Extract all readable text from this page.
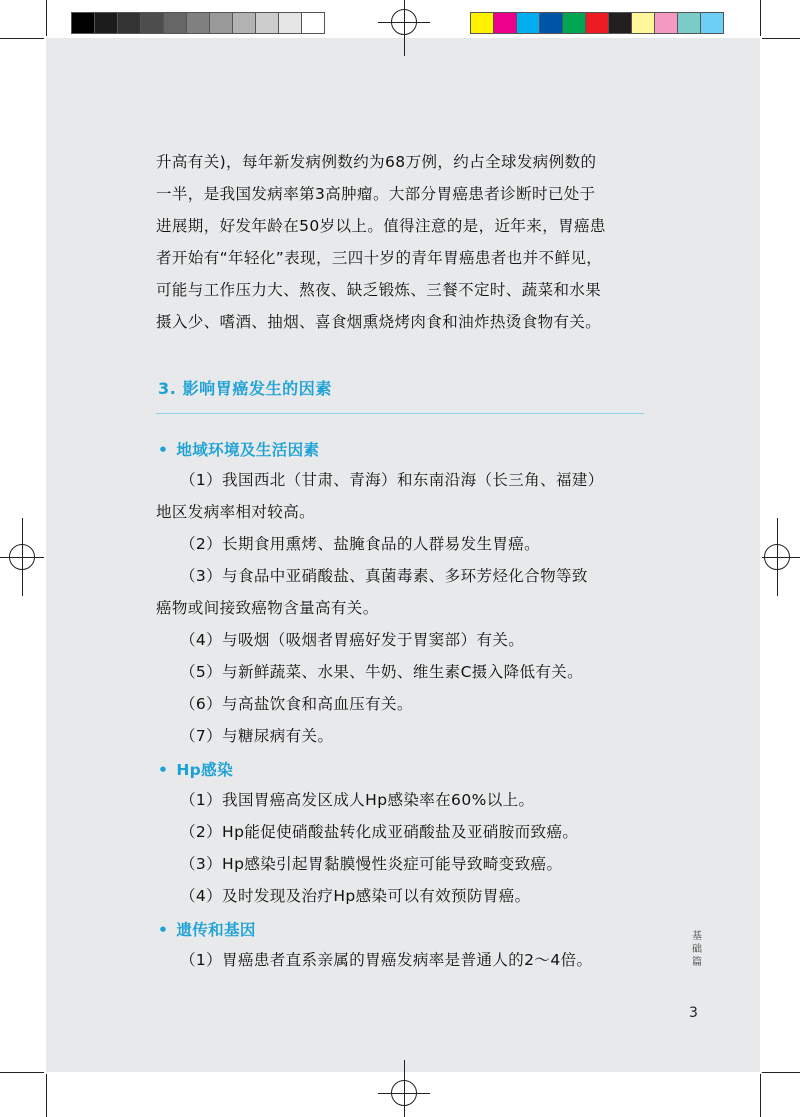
升高有关)，每年新发病例数约为68万例，约占全球发病例数的
一半，是我国发病率第3高肿瘤。大部分胃癌患者诊断时已处于
进展期，好发年龄在50岁以上。值得注意的是，近年来，胃癌患
者开始有“年轻化”表现，三四十岁的青年胃癌患者也并不鲜见，
可能与工作压力大、熬夜、缺乏锻炼、三餐不定时、蔬菜和水果
摄入少、嗜酒、抽烟、喜食烟熏烧烤肉食和油炸热烫食物有关。
3. 影响胃癌发生的因素
• 地域环境及生活因素
（1）我国西北（甘肃、青海）和东南沿海（长三角、福建）
地区发病率相对较高。
（2）长期食用熏烤、盐腌食品的人群易发生胃癌。
（3）与食品中亚硝酸盐、真菌毒素、多环芳烃化合物等致
癌物或间接致癌物含量高有关。
（4）与吸烟（吸烟者胃癌好发于胃窦部）有关。
（5）与新鲜蔬菜、水果、牛奶、维生素C摄入降低有关。
（6）与高盐饮食和高血压有关。
（7）与糖尿病有关。
• Hp感染
（1）我国胃癌高发区成人Hp感染率在60%以上。
（2）Hp能促使硝酸盐转化成亚硝酸盐及亚硝胺而致癌。
（3）Hp感染引起胃黏膜慢性炎症可能导致畸变致癌。
（4）及时发现及治疗Hp感染可以有效预防胃癌。
• 遗传和基因
（1）胃癌患者直系亲属的胃癌发病率是普通人的2～4倍。
基础篇
3
